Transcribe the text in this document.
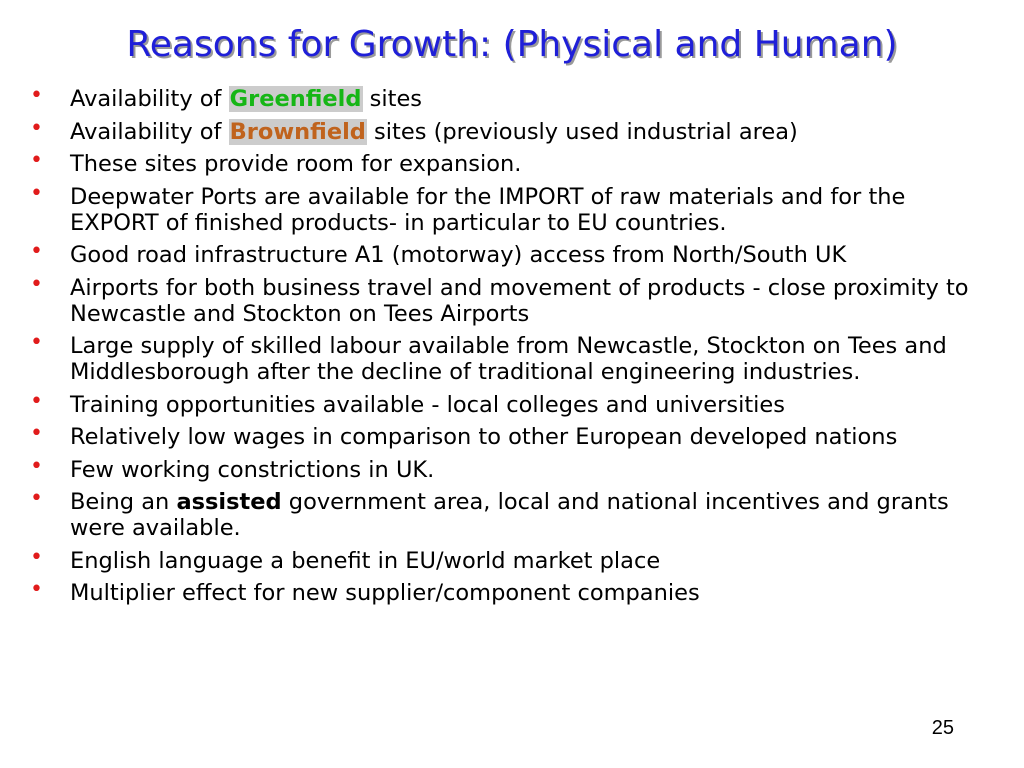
Reasons for Growth: (Physical and Human)
• Availability of Greenfield sites
• Availability of Brownfield sites (previously used industrial area)
• These sites provide room for expansion.
• Deepwater Ports are available for the IMPORT of raw materials and for the EXPORT of finished products- in particular to EU countries.
• Good road infrastructure A1 (motorway) access from North/South UK
• Airports for both business travel and movement of products - close proximity to Newcastle and Stockton on Tees Airports
• Large supply of skilled labour available from Newcastle, Stockton on Tees and Middlesborough after the decline of traditional engineering industries.
• Training opportunities available - local colleges and universities
• Relatively low wages in comparison to other European developed nations
• Few working constrictions in UK.
• Being an assisted government area, local and national incentives and grants were available.
• English language a benefit in EU/world market place
• Multiplier effect for new supplier/component companies
25
